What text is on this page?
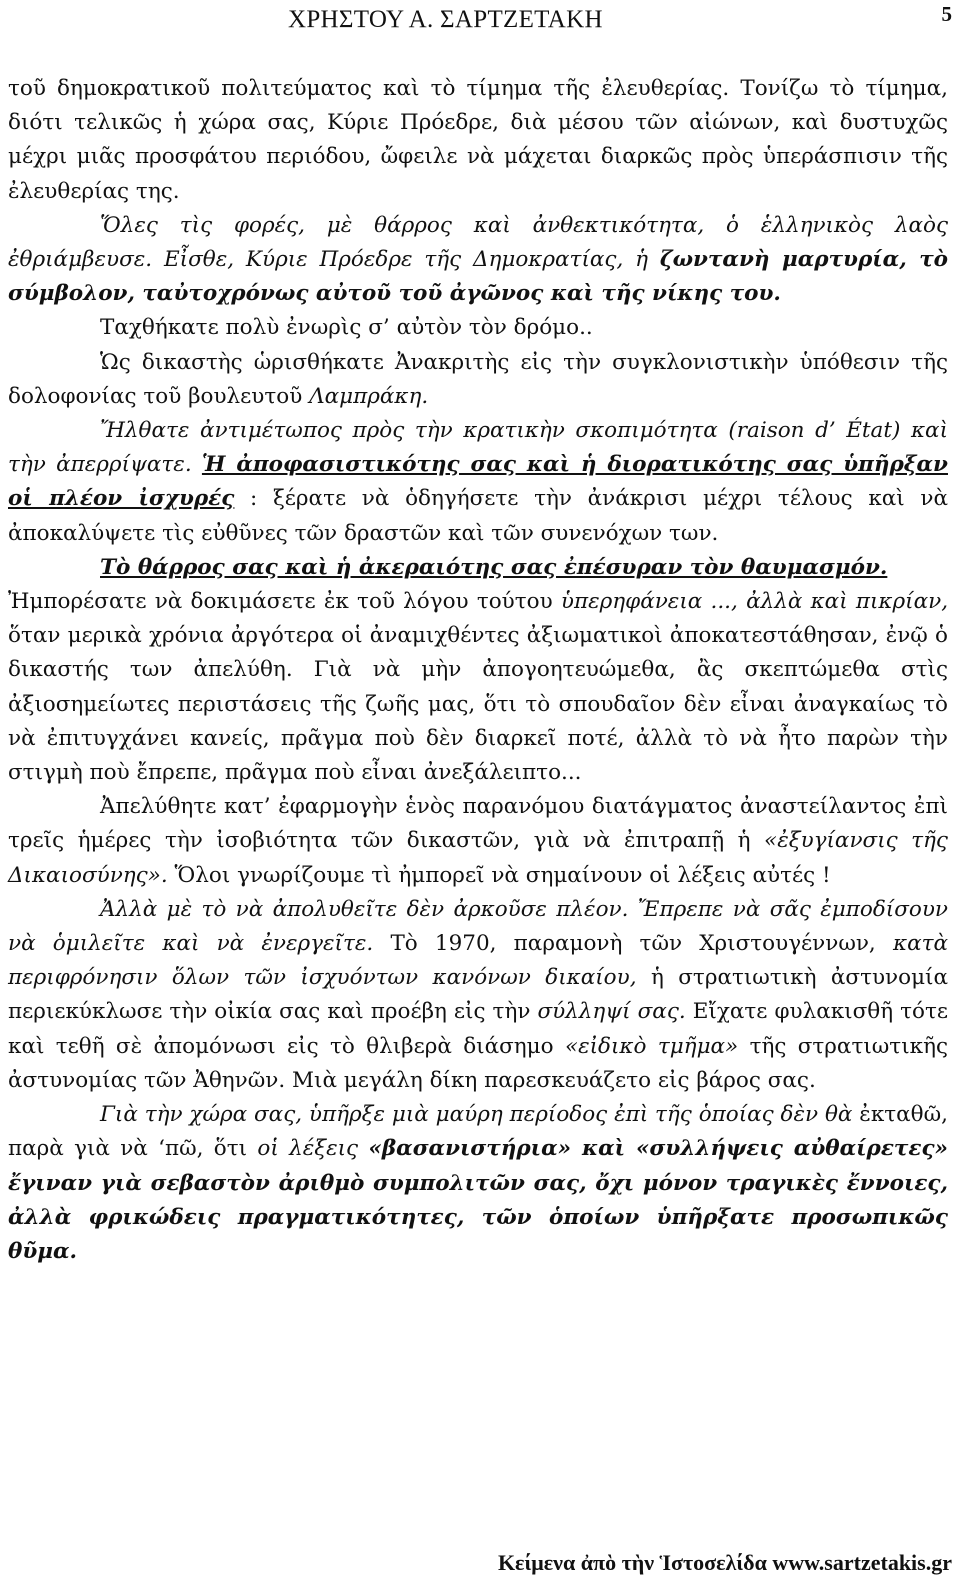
ΧΡΗΣΤΟΥ Α. ΣΑΡΤΖΕΤΑΚΗ	5

τοῦ δημοκρατικοῦ πολιτεύματος καὶ τὸ τίμημα τῆς ἐλευθερίας. Τονίζω τὸ τίμημα, διότι τελικῶς ἡ χώρα σας, Κύριε Πρόεδρε, διὰ μέσου τῶν αἰώνων, καὶ δυστυχῶς μέχρι μιᾶς προσφάτου περιόδου, ὤφειλε νὰ μάχεται διαρκῶς πρὸς ὑπεράσπισιν τῆς ἐλευθερίας της.

Ὅλες τὶς φορές, μὲ θάρρος καὶ ἀνθεκτικότητα, ὁ ἑλληνικὸς λαὸς ἐθριάμβευσε. Εἶσθε, Κύριε Πρόεδρε τῆς Δημοκρατίας, ἡ ζωντανὴ μαρτυρία, τὸ σύμβολον, ταὐτοχρόνως αὐτοῦ τοῦ ἀγῶνος καὶ τῆς νίκης του.

Ταχθήκατε πολὺ ἐνωρὶς σ’ αὐτὸν τὸν δρόμο..

Ὡς δικαστὴς ὡρισθήκατε Ἀνακριτὴς εἰς τὴν συγκλονιστικὴν ὑπόθεσιν τῆς δολοφονίας τοῦ βουλευτοῦ Λαμπράκη.

Ἤλθατε ἀντιμέτωπος πρὸς τὴν κρατικὴν σκοπιμότητα (raison d’ État) καὶ τὴν ἀπερρίψατε. Ἡ ἀποφασιστικότης σας καὶ ἡ διορατικότης σας ὑπῆρξαν οἱ πλέον ἰσχυρές : ξέρατε νὰ ὁδηγήσετε τὴν ἀνάκρισι μέχρι τέλους καὶ νὰ ἀποκαλύψετε τὶς εὐθῦνες τῶν δραστῶν καὶ τῶν συνενόχων των.

Τὸ θάρρος σας καὶ ἡ ἀκεραιότης σας ἐπέσυραν τὸν θαυμασμόν.

Ἠμπορέσατε νὰ δοκιμάσετε ἐκ τοῦ λόγου τούτου ὑπερηφάνεια ..., ἀλλὰ καὶ πικρίαν, ὅταν μερικὰ χρόνια ἀργότερα οἱ ἀναμιχθέντες ἀξιωματικοὶ ἀποκατεστάθησαν, ἐνῷ ὁ δικαστής των ἀπελύθη. Γιὰ νὰ μὴν ἀπογοητευώμεθα, ἂς σκεπτώμεθα στὶς ἀξιοσημείωτες περιστάσεις τῆς ζωῆς μας, ὅτι τὸ σπουδαῖον δὲν εἶναι ἀναγκαίως τὸ νὰ ἐπιτυγχάνει κανείς, πρᾶγμα ποὺ δὲν διαρκεῖ ποτέ, ἀλλὰ τὸ νὰ ἦτο παρὼν τὴν στιγμὴ ποὺ ἔπρεπε, πρᾶγμα ποὺ εἶναι ἀνεξάλειπτο...

Ἀπελύθητε κατ’ ἐφαρμογὴν ἑνὸς παρανόμου διατάγματος ἀναστείλαντος ἐπὶ τρεῖς ἡμέρες τὴν ἰσοβιότητα τῶν δικαστῶν, γιὰ νὰ ἐπιτραπῇ ἡ «ἐξυγίανσις τῆς Δικαιοσύνης». Ὅλοι γνωρίζουμε τὶ ἠμπορεῖ νὰ σημαίνουν οἱ λέξεις αὐτές !

Ἀλλὰ μὲ τὸ νὰ ἀπολυθεῖτε δὲν ἀρκοῦσε πλέον. Ἔπρεπε νὰ σᾶς ἐμποδίσουν νὰ ὁμιλεῖτε καὶ νὰ ἐνεργεῖτε. Τὸ 1970, παραμονὴ τῶν Χριστουγέννων, κατὰ περιφρόνησιν ὅλων τῶν ἰσχυόντων κανόνων δικαίου, ἡ στρατιωτικὴ ἀστυνομία περιεκύκλωσε τὴν οἰκία σας καὶ προέβη εἰς τὴν σύλληψί σας. Εἴχατε φυλακισθῆ τότε καὶ τεθῆ σὲ ἀπομόνωσι εἰς τὸ θλιβερὰ διάσημο «εἰδικὸ τμῆμα» τῆς στρατιωτικῆς ἀστυνομίας τῶν Ἀθηνῶν. Μιὰ μεγάλη δίκη παρεσκευάζετο εἰς βάρος σας.

Γιὰ τὴν χώρα σας, ὑπῆρξε μιὰ μαύρη περίοδος ἐπὶ τῆς ὁποίας δὲν θὰ ἐκταθῶ, παρὰ γιὰ νὰ ‘πῶ, ὅτι οἱ λέξεις «βασανιστήρια» καὶ «συλλήψεις αὐθαίρετες» ἔγιναν γιὰ σεβαστὸν ἀριθμὸ συμπολιτῶν σας, ὄχι μόνον τραγικὲς ἔννοιες, ἀλλὰ φρικώδεις πραγματικότητες, τῶν ὁποίων ὑπῆρξατε προσωπικῶς θῦμα.

Κείμενα ἀπὸ τὴν Ἱστοσελίδα www.sartzetakis.gr
